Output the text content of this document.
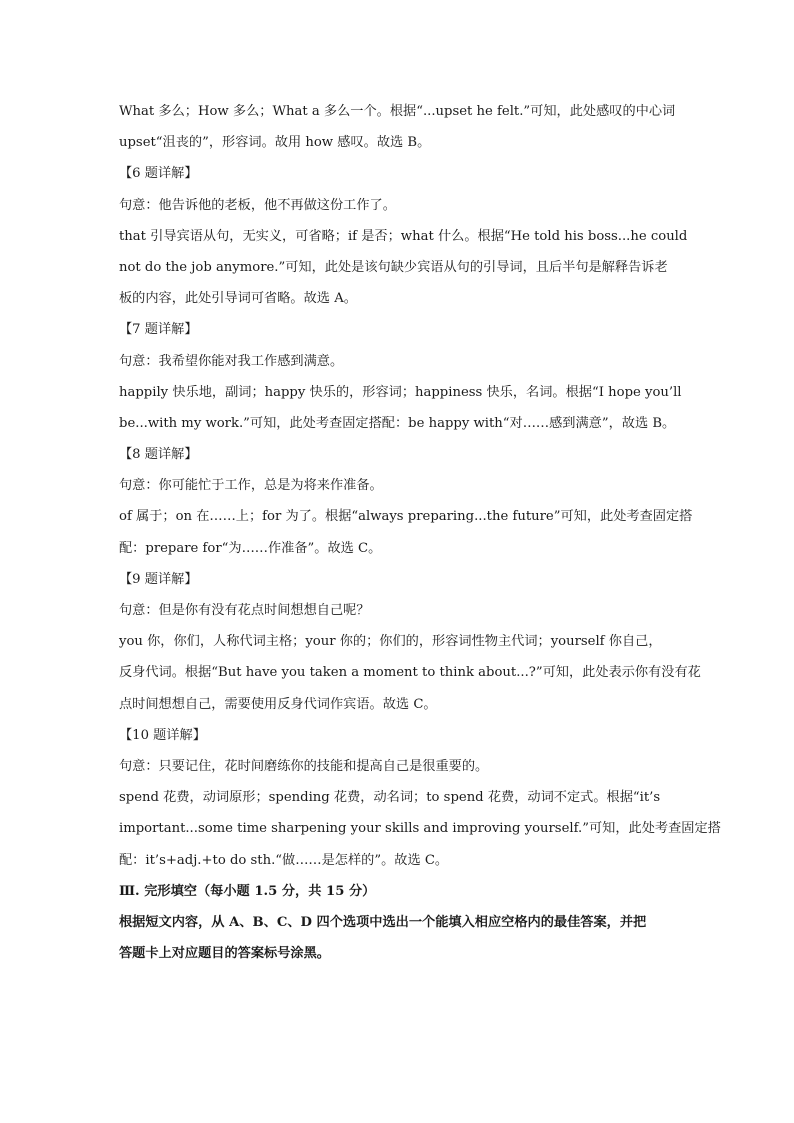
What 多么；How 多么；What a 多么一个。根据“...upset he felt.”可知，此处感叹的中心词
upset“沮丧的”，形容词。故用 how 感叹。故选 B。
【6 题详解】
句意：他告诉他的老板，他不再做这份工作了。
that 引导宾语从句，无实义，可省略；if 是否；what 什么。根据“He told his boss...he could
not do the job anymore.”可知，此处是该句缺少宾语从句的引导词，且后半句是解释告诉老
板的内容，此处引导词可省略。故选 A。
【7 题详解】
句意：我希望你能对我工作感到满意。
happily 快乐地，副词；happy 快乐的，形容词；happiness 快乐，名词。根据“I hope you’ll
be...with my work.”可知，此处考查固定搭配：be happy with“对……感到满意”，故选 B。
【8 题详解】
句意：你可能忙于工作，总是为将来作准备。
of 属于；on 在……上；for 为了。根据“always preparing...the future”可知，此处考查固定搭
配：prepare for“为……作准备”。故选 C。
【9 题详解】
句意：但是你有没有花点时间想想自己呢？
you 你，你们，人称代词主格；your 你的；你们的，形容词性物主代词；yourself 你自己，
反身代词。根据“But have you taken a moment to think about...?”可知，此处表示你有没有花
点时间想想自己，需要使用反身代词作宾语。故选 C。
【10 题详解】
句意：只要记住，花时间磨练你的技能和提高自己是很重要的。
spend 花费，动词原形；spending 花费，动名词；to spend 花费，动词不定式。根据“it’s
important...some time sharpening your skills and improving yourself.”可知，此处考查固定搭
配：it’s+adj.+to do sth.“做……是怎样的”。故选 C。
Ⅲ. 完形填空（每小题 1.5 分，共 15 分）
根据短文内容，从 A、B、C、D 四个选项中选出一个能填入相应空格内的最佳答案，并把
答题卡上对应题目的答案标号涂黑。
